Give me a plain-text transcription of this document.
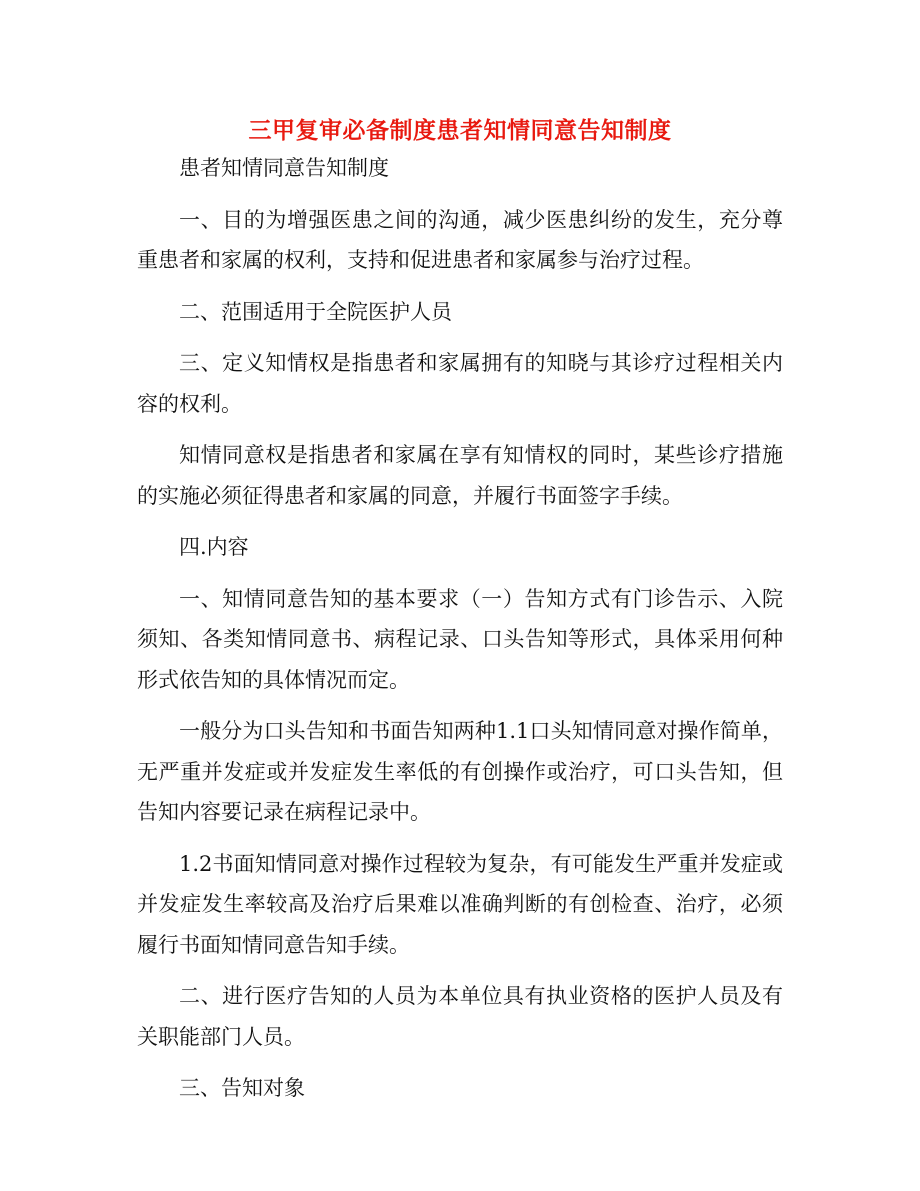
三甲复审必备制度患者知情同意告知制度

患者知情同意告知制度

一、目的为增强医患之间的沟通，减少医患纠纷的发生，充分尊重患者和家属的权利，支持和促进患者和家属参与治疗过程。

二、范围适用于全院医护人员

三、定义知情权是指患者和家属拥有的知晓与其诊疗过程相关内容的权利。

知情同意权是指患者和家属在享有知情权的同时，某些诊疗措施的实施必须征得患者和家属的同意，并履行书面签字手续。

四.内容

一、知情同意告知的基本要求（一）告知方式有门诊告示、入院须知、各类知情同意书、病程记录、口头告知等形式，具体采用何种形式依告知的具体情况而定。

一般分为口头告知和书面告知两种1.1口头知情同意对操作简单，无严重并发症或并发症发生率低的有创操作或治疗，可口头告知，但告知内容要记录在病程记录中。

1.2书面知情同意对操作过程较为复杂，有可能发生严重并发症或并发症发生率较高及治疗后果难以准确判断的有创检查、治疗，必须履行书面知情同意告知手续。

二、进行医疗告知的人员为本单位具有执业资格的医护人员及有关职能部门人员。

三、告知对象
